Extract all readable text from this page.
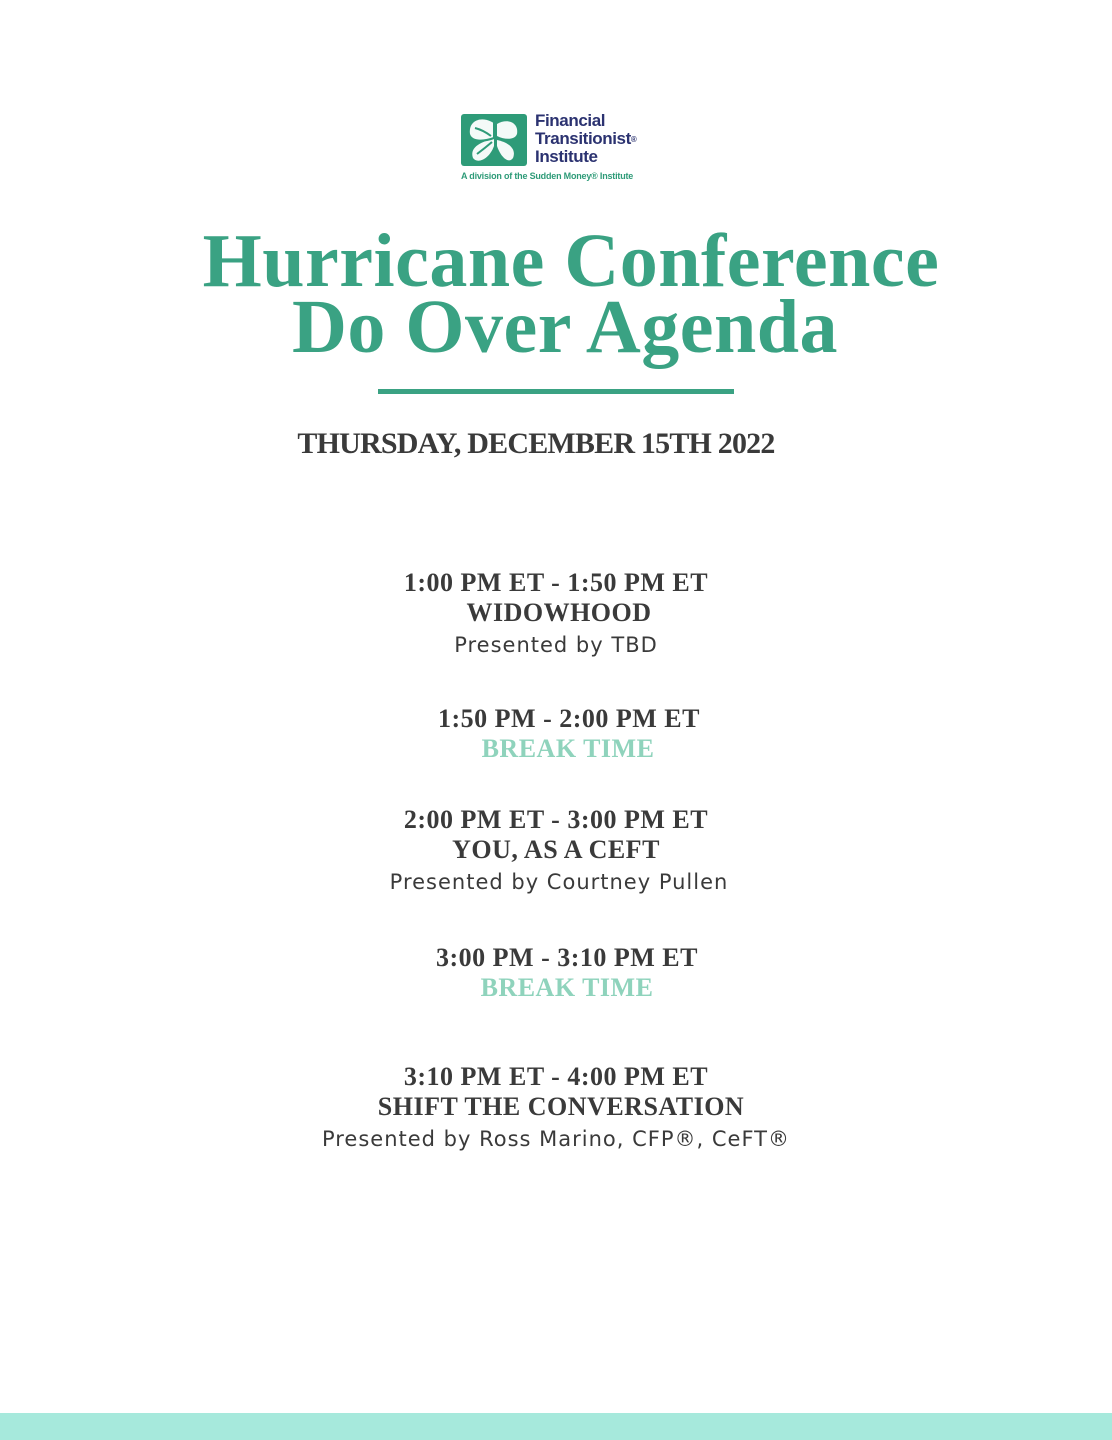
Financial
Transitionist®
Institute
A division of the Sudden Money® Institute
Hurricane Conference
Do Over Agenda
THURSDAY, DECEMBER 15TH 2022
1:00 PM ET - 1:50 PM ET
WIDOWHOOD
Presented by TBD
1:50 PM - 2:00 PM ET
BREAK TIME
2:00 PM ET - 3:00 PM ET
YOU, AS A CEFT
Presented by Courtney Pullen
3:00 PM - 3:10 PM ET
BREAK TIME
3:10 PM ET - 4:00 PM ET
SHIFT THE CONVERSATION
Presented by Ross Marino, CFP®, CeFT®
